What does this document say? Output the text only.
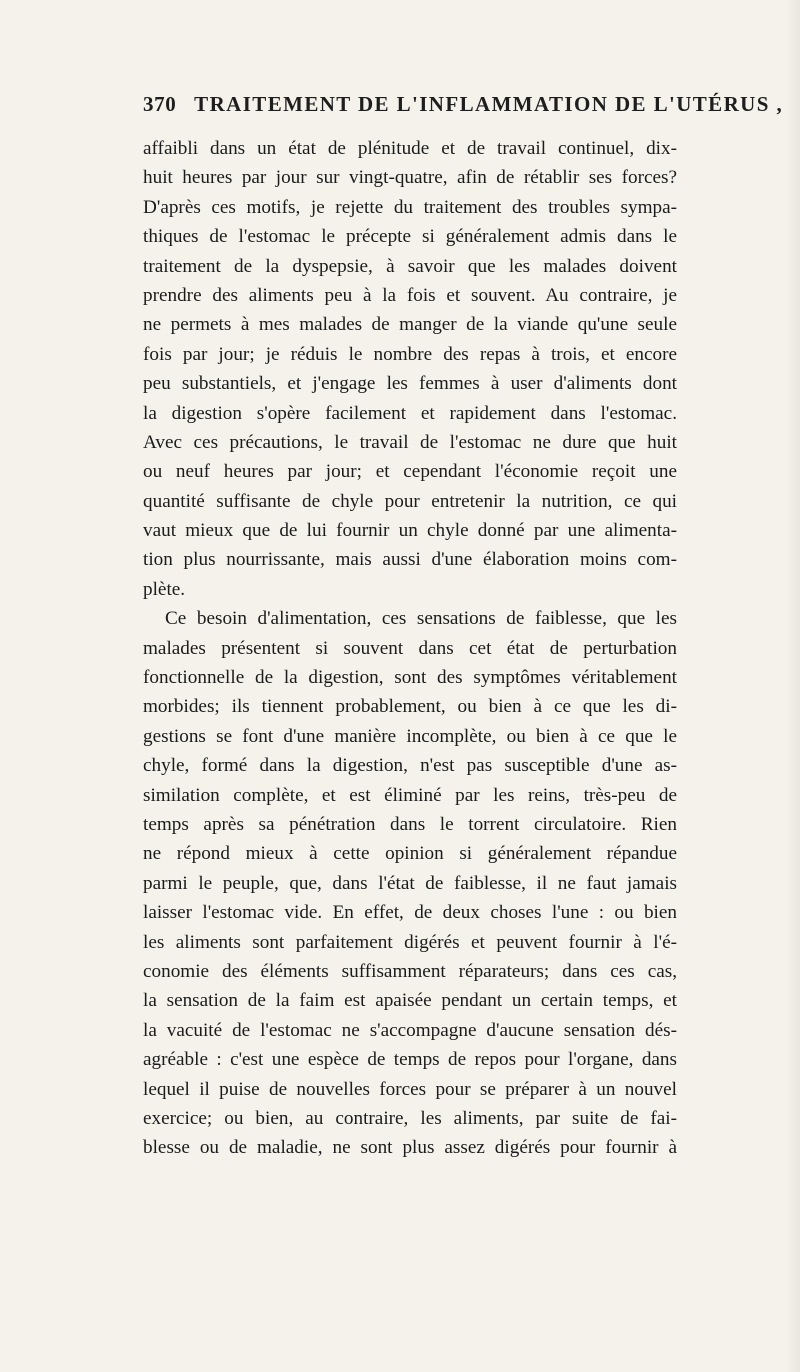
370 TRAITEMENT DE L'INFLAMMATION DE L'UTÉRUS ,
affaibli dans un état de plénitude et de travail continuel, dix-
huit heures par jour sur vingt-quatre, afin de rétablir ses forces?
D'après ces motifs, je rejette du traitement des troubles sympa-
thiques de l'estomac le précepte si généralement admis dans le
traitement de la dyspepsie, à savoir que les malades doivent
prendre des aliments peu à la fois et souvent. Au contraire, je
ne permets à mes malades de manger de la viande qu'une seule
fois par jour; je réduis le nombre des repas à trois, et encore
peu substantiels, et j'engage les femmes à user d'aliments dont
la digestion s'opère facilement et rapidement dans l'estomac.
Avec ces précautions, le travail de l'estomac ne dure que huit
ou neuf heures par jour; et cependant l'économie reçoit une
quantité suffisante de chyle pour entretenir la nutrition, ce qui
vaut mieux que de lui fournir un chyle donné par une alimenta-
tion plus nourrissante, mais aussi d'une élaboration moins com-
plète.
Ce besoin d'alimentation, ces sensations de faiblesse, que les
malades présentent si souvent dans cet état de perturbation
fonctionnelle de la digestion, sont des symptômes véritablement
morbides; ils tiennent probablement, ou bien à ce que les di-
gestions se font d'une manière incomplète, ou bien à ce que le
chyle, formé dans la digestion, n'est pas susceptible d'une as-
similation complète, et est éliminé par les reins, très-peu de
temps après sa pénétration dans le torrent circulatoire. Rien
ne répond mieux à cette opinion si généralement répandue
parmi le peuple, que, dans l'état de faiblesse, il ne faut jamais
laisser l'estomac vide. En effet, de deux choses l'une : ou bien
les aliments sont parfaitement digérés et peuvent fournir à l'é-
conomie des éléments suffisamment réparateurs; dans ces cas,
la sensation de la faim est apaisée pendant un certain temps, et
la vacuité de l'estomac ne s'accompagne d'aucune sensation dés-
agréable : c'est une espèce de temps de repos pour l'organe, dans
lequel il puise de nouvelles forces pour se préparer à un nouvel
exercice; ou bien, au contraire, les aliments, par suite de fai-
blesse ou de maladie, ne sont plus assez digérés pour fournir à
